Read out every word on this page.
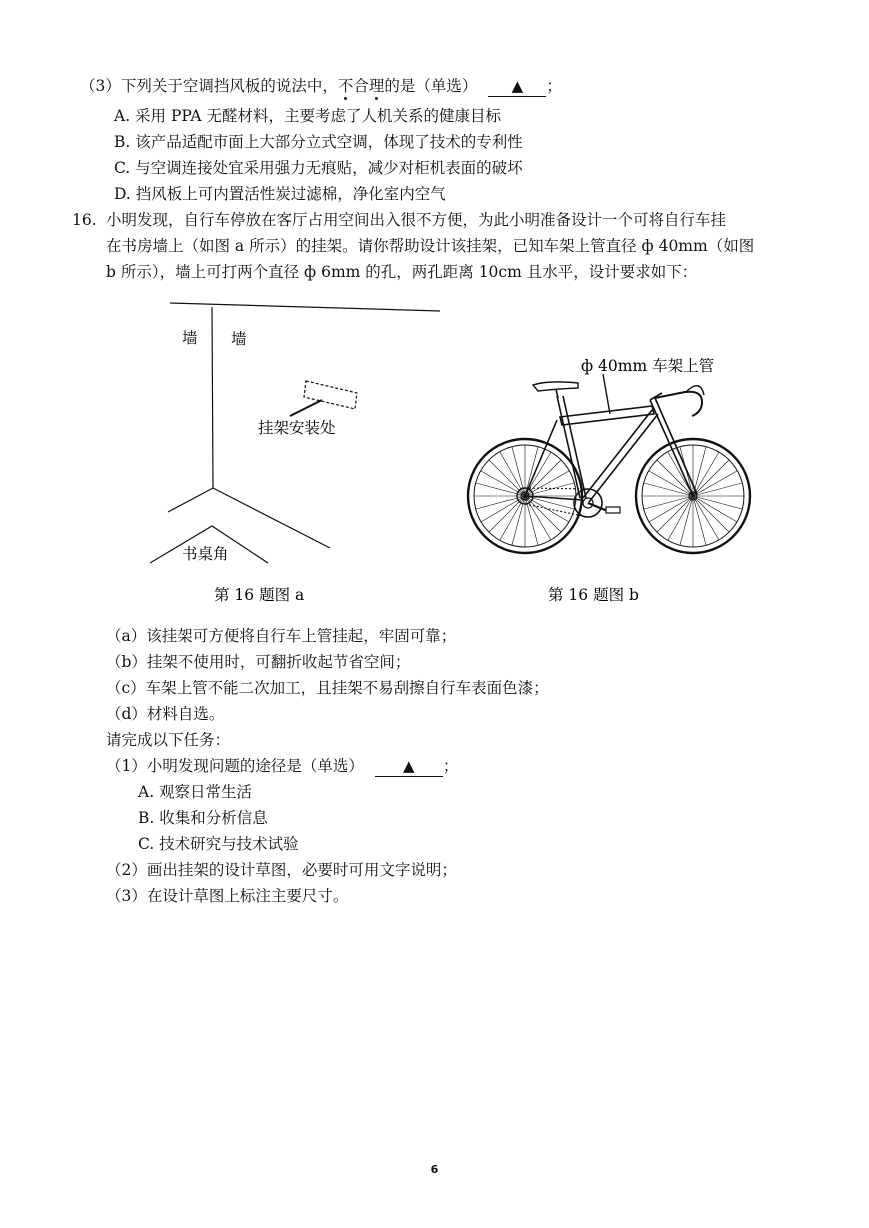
（3）下列关于空调挡风板的说法中，不合理的是（单选） ▲ ；
A. 采用 PPA 无醛材料，主要考虑了人机关系的健康目标
B. 该产品适配市面上大部分立式空调，体现了技术的专利性
C. 与空调连接处宜采用强力无痕贴，减少对柜机表面的破坏
D. 挡风板上可内置活性炭过滤棉，净化室内空气
16. 小明发现，自行车停放在客厅占用空间出入很不方便，为此小明准备设计一个可将自行车挂
在书房墙上（如图 a 所示）的挂架。请你帮助设计该挂架，已知车架上管直径 ф 40mm（如图
b 所示），墙上可打两个直径 ф 6mm 的孔，两孔距离 10cm 且水平，设计要求如下：
墙 墙
挂架安装处
书桌角
第 16 题图 a
ф 40mm 车架上管
第 16 题图 b
（a）该挂架可方便将自行车上管挂起，牢固可靠；
（b）挂架不使用时，可翻折收起节省空间；
（c）车架上管不能二次加工，且挂架不易刮擦自行车表面色漆；
（d）材料自选。
请完成以下任务：
（1）小明发现问题的途径是（单选）	▲ ；
A. 观察日常生活
B. 收集和分析信息
C. 技术研究与技术试验
（2）画出挂架的设计草图，必要时可用文字说明；
（3）在设计草图上标注主要尺寸。
6
